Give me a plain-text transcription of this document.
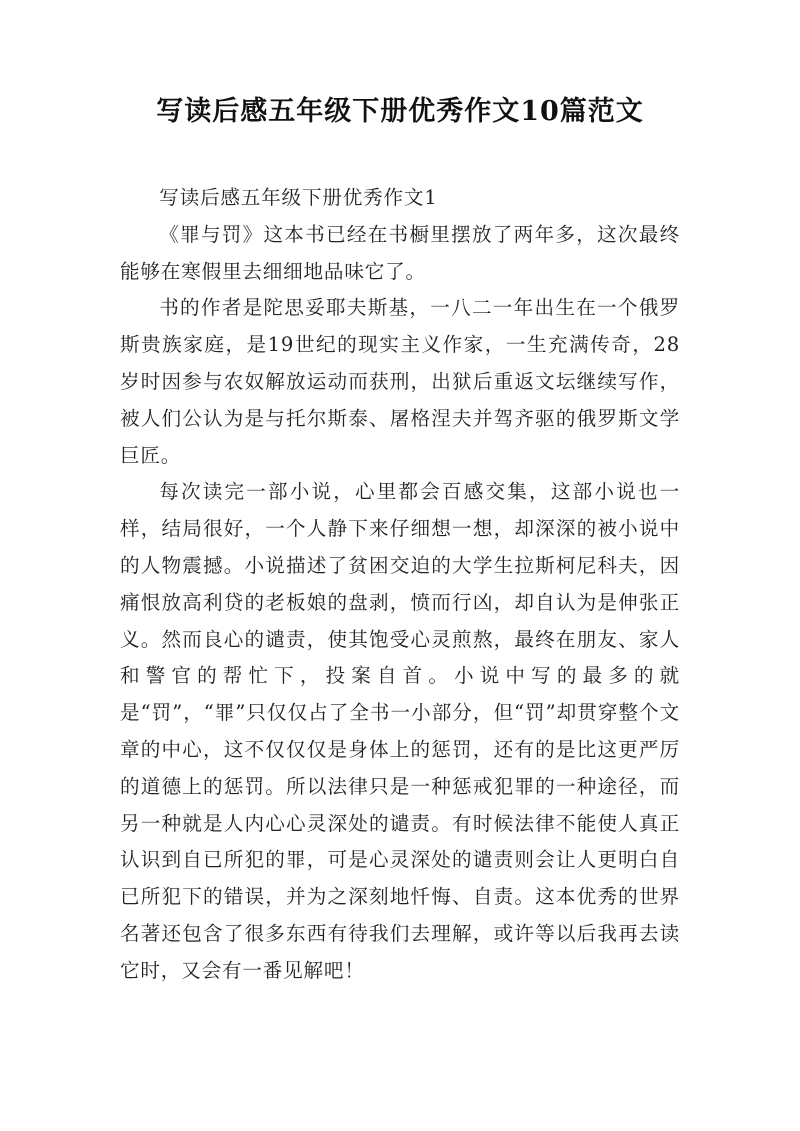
写读后感五年级下册优秀作文10篇范文

写读后感五年级下册优秀作文1

《罪与罚》这本书已经在书橱里摆放了两年多，这次最终能够在寒假里去细细地品味它了。

书的作者是陀思妥耶夫斯基，一八二一年出生在一个俄罗斯贵族家庭，是19世纪的现实主义作家，一生充满传奇，28岁时因参与农奴解放运动而获刑，出狱后重返文坛继续写作，被人们公认为是与托尔斯泰、屠格涅夫并驾齐驱的俄罗斯文学巨匠。

每次读完一部小说，心里都会百感交集，这部小说也一样，结局很好，一个人静下来仔细想一想，却深深的被小说中的人物震撼。小说描述了贫困交迫的大学生拉斯柯尼科夫，因痛恨放高利贷的老板娘的盘剥，愤而行凶，却自认为是伸张正义。然而良心的谴责，使其饱受心灵煎熬，最终在朋友、家人和警官的帮忙下，投案自首。小说中写的最多的就是“罚”，“罪”只仅仅占了全书一小部分，但“罚”却贯穿整个文章的中心，这不仅仅仅是身体上的惩罚，还有的是比这更严厉的道德上的惩罚。所以法律只是一种惩戒犯罪的一种途径，而另一种就是人内心心灵深处的谴责。有时候法律不能使人真正认识到自已所犯的罪，可是心灵深处的谴责则会让人更明白自已所犯下的错误，并为之深刻地忏悔、自责。这本优秀的世界名著还包含了很多东西有待我们去理解，或许等以后我再去读它时，又会有一番见解吧！
